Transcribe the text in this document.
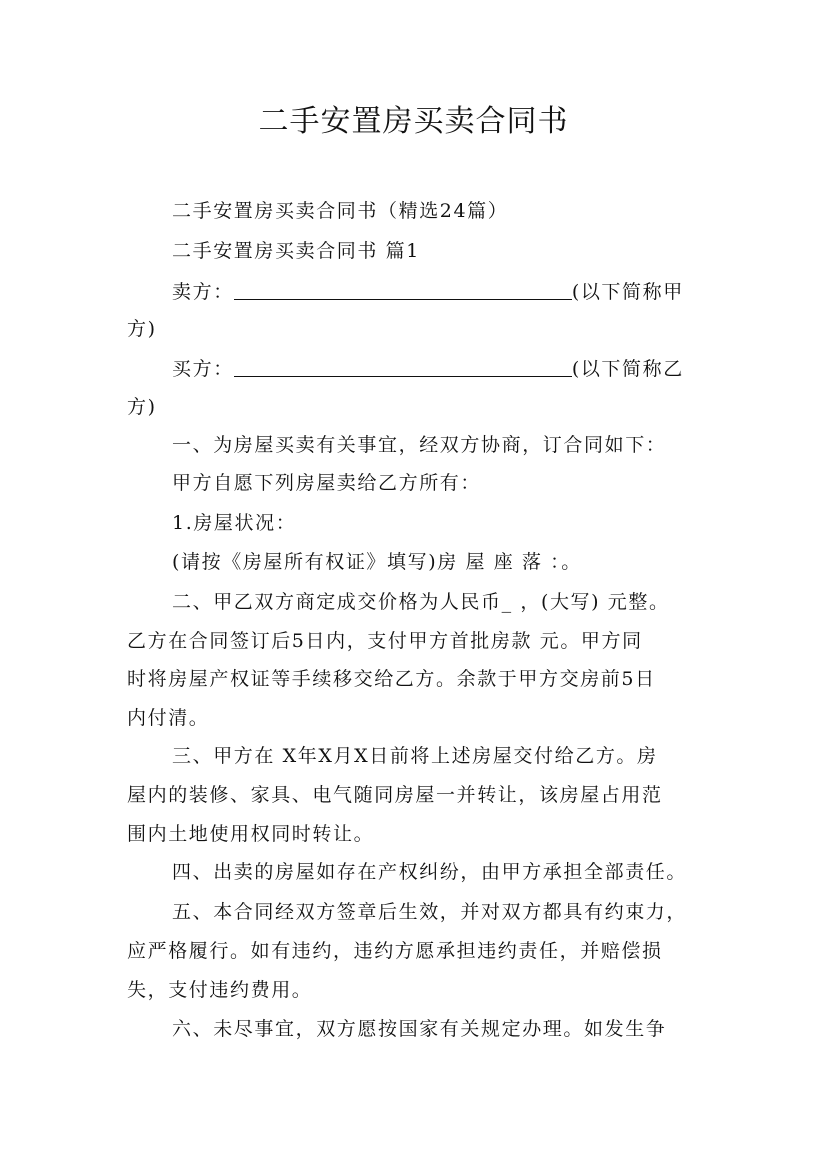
二手安置房买卖合同书
二手安置房买卖合同书（精选24篇）
二手安置房买卖合同书 篇1
卖方：	(以下简称甲
方)
买方：	(以下简称乙
方)
一、为房屋买卖有关事宜，经双方协商，订合同如下：
甲方自愿下列房屋卖给乙方所有：
1.房屋状况：
(请按《房屋所有权证》填写)房 屋 座 落 ：。
二、甲乙双方商定成交价格为人民币_ ，(大写) 元整。
乙方在合同签订后5日内，支付甲方首批房款 元。甲方同
时将房屋产权证等手续移交给乙方。余款于甲方交房前5日
内付清。
三、甲方在 X年X月X日前将上述房屋交付给乙方。房
屋内的装修、家具、电气随同房屋一并转让，该房屋占用范
围内土地使用权同时转让。
四、出卖的房屋如存在产权纠纷，由甲方承担全部责任。
五、本合同经双方签章后生效，并对双方都具有约束力，
应严格履行。如有违约，违约方愿承担违约责任，并赔偿损
失，支付违约费用。
六、未尽事宜，双方愿按国家有关规定办理。如发生争
